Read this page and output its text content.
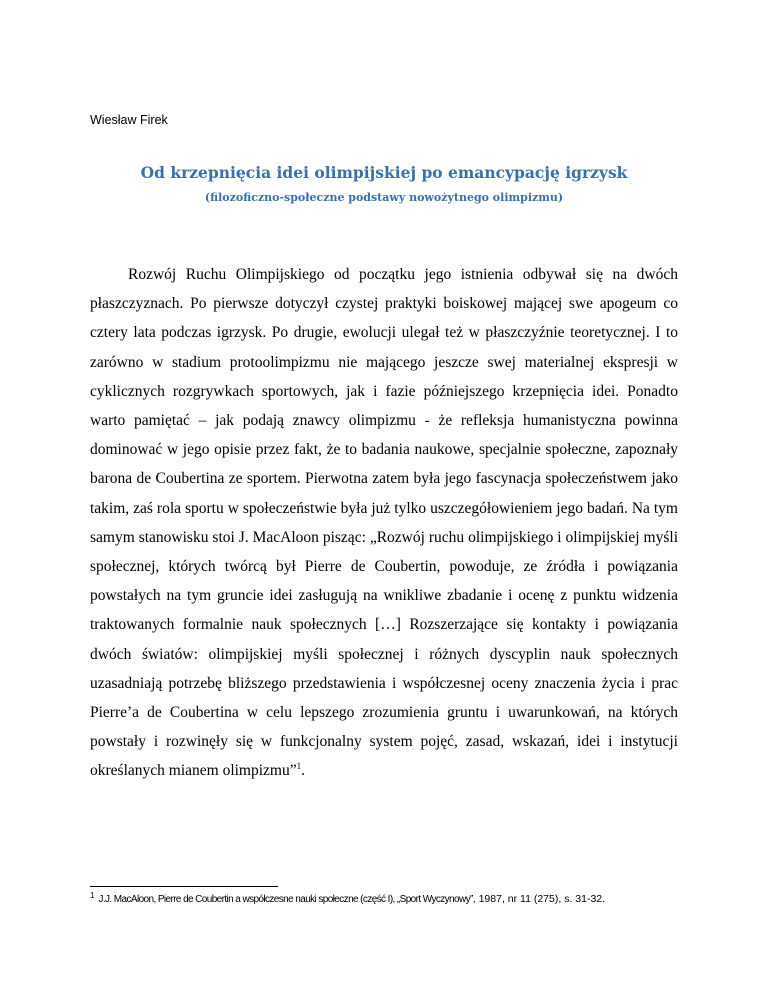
Wiesław Firek
Od krzepnięcia idei olimpijskiej po emancypację igrzysk
(filozoficzno-społeczne podstawy nowożytnego olimpizmu)

Rozwój Ruchu Olimpijskiego od początku jego istnienia odbywał się na dwóch płaszczyznach. Po pierwsze dotyczył czystej praktyki boiskowej mającej swe apogeum co cztery lata podczas igrzysk. Po drugie, ewolucji ulegał też w płaszczyźnie teoretycznej. I to zarówno w stadium protoolimpizmu nie mającego jeszcze swej materialnej ekspresji w cyklicznych rozgrywkach sportowych, jak i fazie późniejszego krzepnięcia idei. Ponadto warto pamiętać – jak podają znawcy olimpizmu - że refleksja humanistyczna powinna dominować w jego opisie przez fakt, że to badania naukowe, specjalnie społeczne, zapoznały barona de Coubertina ze sportem. Pierwotna zatem była jego fascynacja społeczeństwem jako takim, zaś rola sportu w społeczeństwie była już tylko uszczegółowieniem jego badań. Na tym samym stanowisku stoi J. MacAloon pisząc: „Rozwój ruchu olimpijskiego i olimpijskiej myśli społecznej, których twórcą był Pierre de Coubertin, powoduje, ze źródła i powiązania powstałych na tym gruncie idei zasługują na wnikliwe zbadanie i ocenę z punktu widzenia traktowanych formalnie nauk społecznych […] Rozszerzające się kontakty i powiązania dwóch światów: olimpijskiej myśli społecznej i różnych dyscyplin nauk społecznych uzasadniają potrzebę bliższego przedstawienia i współczesnej oceny znaczenia życia i prac Pierre’a de Coubertina w celu lepszego zrozumienia gruntu i uwarunkowań, na których powstały i rozwinęły się w funkcjonalny system pojęć, zasad, wskazań, idei i instytucji określanych mianem olimpizmu”$^1$.

$^1$ J.J. MacAloon, Pierre de Coubertin a współczesne nauki społeczne (część I), „Sport Wyczynowy”, 1987, nr 11 (275), s. 31-32.
